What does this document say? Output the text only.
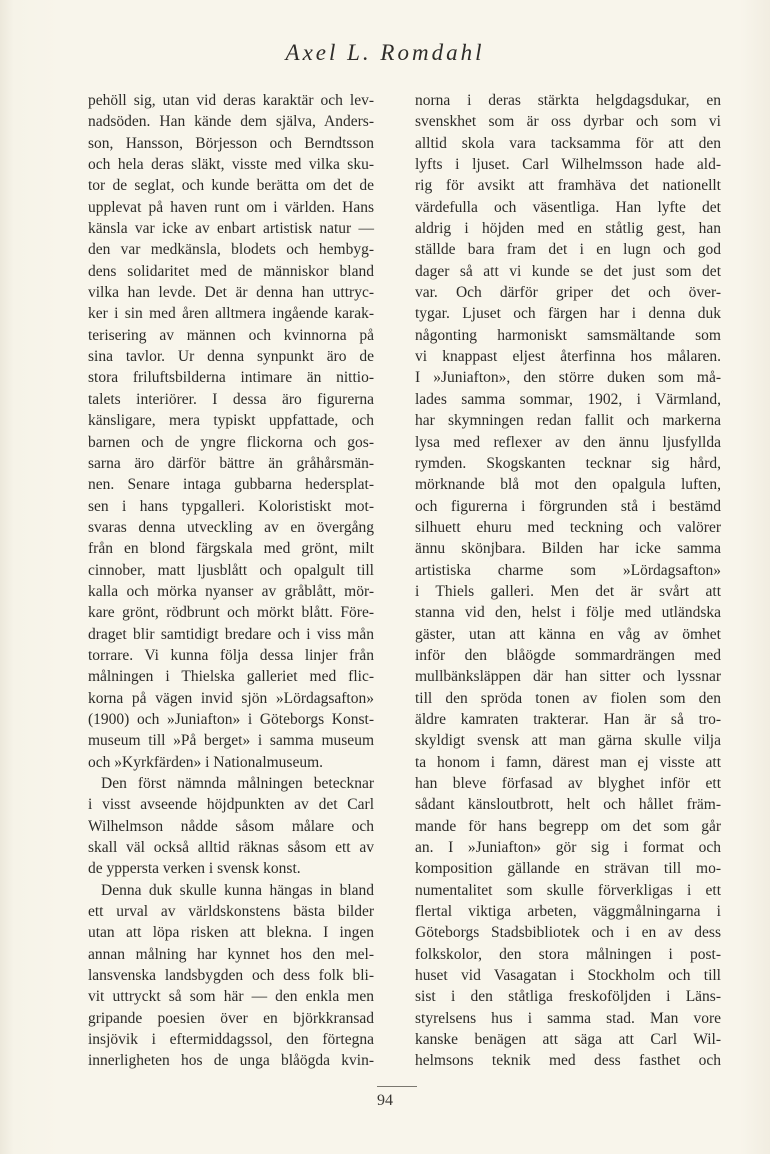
Axel L. Romdahl
pehöll sig, utan vid deras karaktär och lev-
nadsöden. Han kände dem själva, Anders-
son, Hansson, Börjesson och Berndtsson
och hela deras släkt, visste med vilka sku-
tor de seglat, och kunde berätta om det de
upplevat på haven runt om i världen. Hans
känsla var icke av enbart artistisk natur —
den var medkänsla, blodets och hembyg-
dens solidaritet med de människor bland
vilka han levde. Det är denna han uttryc-
ker i sin med åren alltmera ingående karak-
terisering av männen och kvinnorna på
sina tavlor. Ur denna synpunkt äro de
stora friluftsbilderna intimare än nittio-
talets interiörer. I dessa äro figurerna
känsligare, mera typiskt uppfattade, och
barnen och de yngre flickorna och gos-
sarna äro därför bättre än gråhårsmän-
nen. Senare intaga gubbarna hedersplat-
sen i hans typgalleri. Koloristiskt mot-
svaras denna utveckling av en övergång
från en blond färgskala med grönt, milt
cinnober, matt ljusblått och opalgult till
kalla och mörka nyanser av gråblått, mör-
kare grönt, rödbrunt och mörkt blått. Före-
draget blir samtidigt bredare och i viss mån
torrare. Vi kunna följa dessa linjer från
målningen i Thielska galleriet med flic-
korna på vägen invid sjön »Lördagsafton»
(1900) och »Juniafton» i Göteborgs Konst-
museum till »På berget» i samma museum
och »Kyrkfärden» i Nationalmuseum.
Den först nämnda målningen betecknar
i visst avseende höjdpunkten av det Carl
Wilhelmson nådde såsom målare och
skall väl också alltid räknas såsom ett av
de yppersta verken i svensk konst.
Denna duk skulle kunna hängas in bland
ett urval av världskonstens bästa bilder
utan att löpa risken att blekna. I ingen
annan målning har kynnet hos den mel-
lansvenska landsbygden och dess folk bli-
vit uttryckt så som här — den enkla men
gripande poesien över en björkkransad
insjövik i eftermiddagssol, den förtegna
innerligheten hos de unga blåögda kvin-
norna i deras stärkta helgdagsdukar, en
svenskhet som är oss dyrbar och som vi
alltid skola vara tacksamma för att den
lyfts i ljuset. Carl Wilhelmsson hade ald-
rig för avsikt att framhäva det nationellt
värdefulla och väsentliga. Han lyfte det
aldrig i höjden med en ståtlig gest, han
ställde bara fram det i en lugn och god
dager så att vi kunde se det just som det
var. Och därför griper det och över-
tygar. Ljuset och färgen har i denna duk
någonting harmoniskt samsmältande som
vi knappast eljest återfinna hos målaren.
I »Juniafton», den större duken som må-
lades samma sommar, 1902, i Värmland,
har skymningen redan fallit och markerna
lysa med reflexer av den ännu ljusfyllda
rymden. Skogskanten tecknar sig hård,
mörknande blå mot den opalgula luften,
och figurerna i förgrunden stå i bestämd
silhuett ehuru med teckning och valörer
ännu skönjbara. Bilden har icke samma
artistiska charme som »Lördagsafton»
i Thiels galleri. Men det är svårt att
stanna vid den, helst i följe med utländska
gäster, utan att känna en våg av ömhet
inför den blåögde sommardrängen med
mullbänksläppen där han sitter och lyssnar
till den spröda tonen av fiolen som den
äldre kamraten trakterar. Han är så tro-
skyldigt svensk att man gärna skulle vilja
ta honom i famn, därest man ej visste att
han bleve förfasad av blyghet inför ett
sådant känsloutbrott, helt och hållet främ-
mande för hans begrepp om det som går
an. I »Juniafton» gör sig i format och
komposition gällande en strävan till mo-
numentalitet som skulle förverkligas i ett
flertal viktiga arbeten, väggmålningarna i
Göteborgs Stadsbibliotek och i en av dess
folkskolor, den stora målningen i post-
huset vid Vasagatan i Stockholm och till
sist i den ståtliga freskoföljden i Läns-
styrelsens hus i samma stad. Man vore
kanske benägen att säga att Carl Wil-
helmsons teknik med dess fasthet och
94
